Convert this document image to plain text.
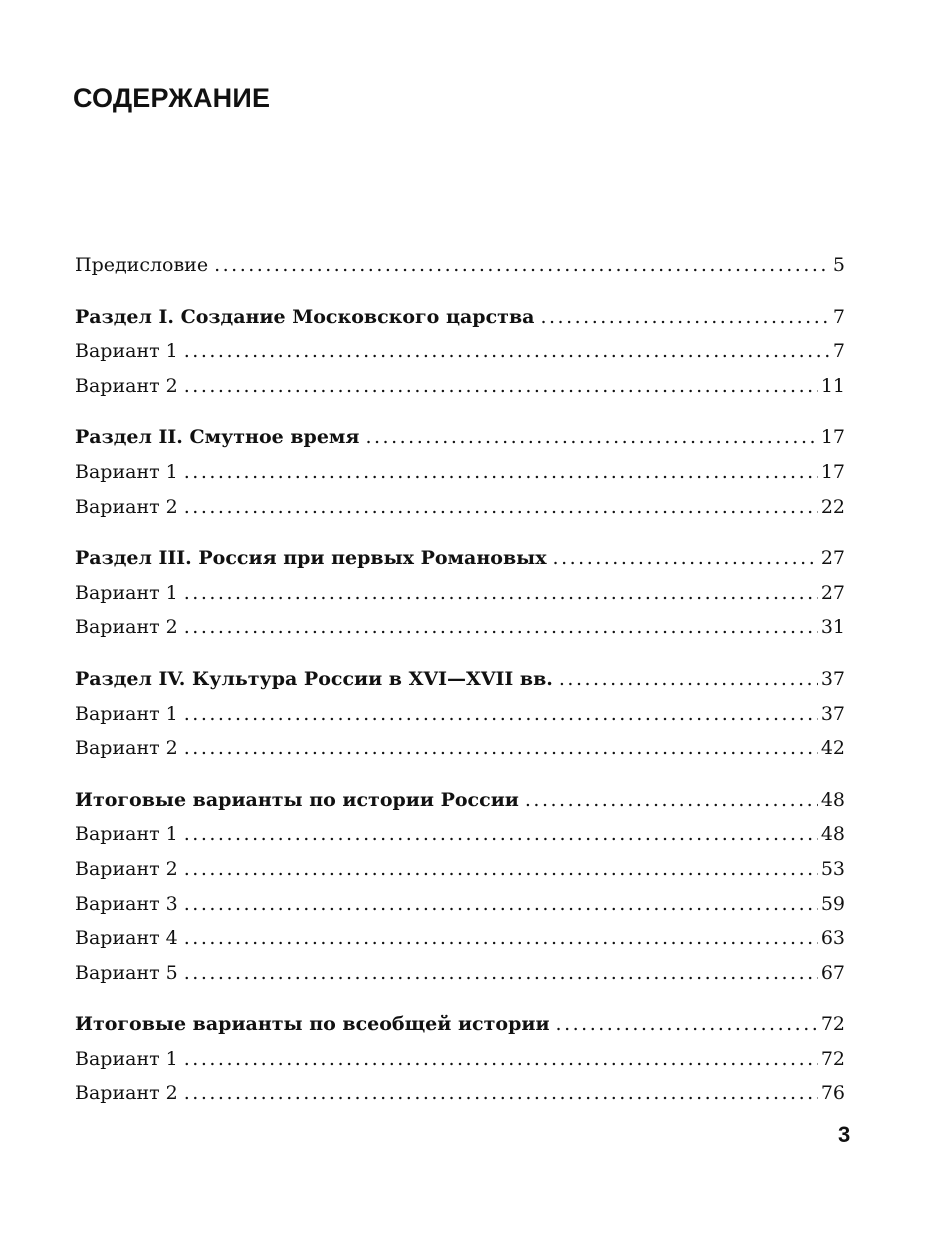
СОДЕРЖАНИЕ
Предисловие .....	5
Раздел I. Создание Московского царства .....	7
Вариант 1 .....	7
Вариант 2 .....	11
Раздел II. Смутное время .....	17
Вариант 1 .....	17
Вариант 2 .....	22
Раздел III. Россия при первых Романовых .....	27
Вариант 1 .....	27
Вариант 2 .....	31
Раздел IV. Культура России в XVI—XVII вв. .....	37
Вариант 1 .....	37
Вариант 2 .....	42
Итоговые варианты по истории России .....	48
Вариант 1 .....	48
Вариант 2 .....	53
Вариант 3 .....	59
Вариант 4 .....	63
Вариант 5 .....	67
Итоговые варианты по всеобщей истории .....	72
Вариант 1 .....	72
Вариант 2 .....	76
3
